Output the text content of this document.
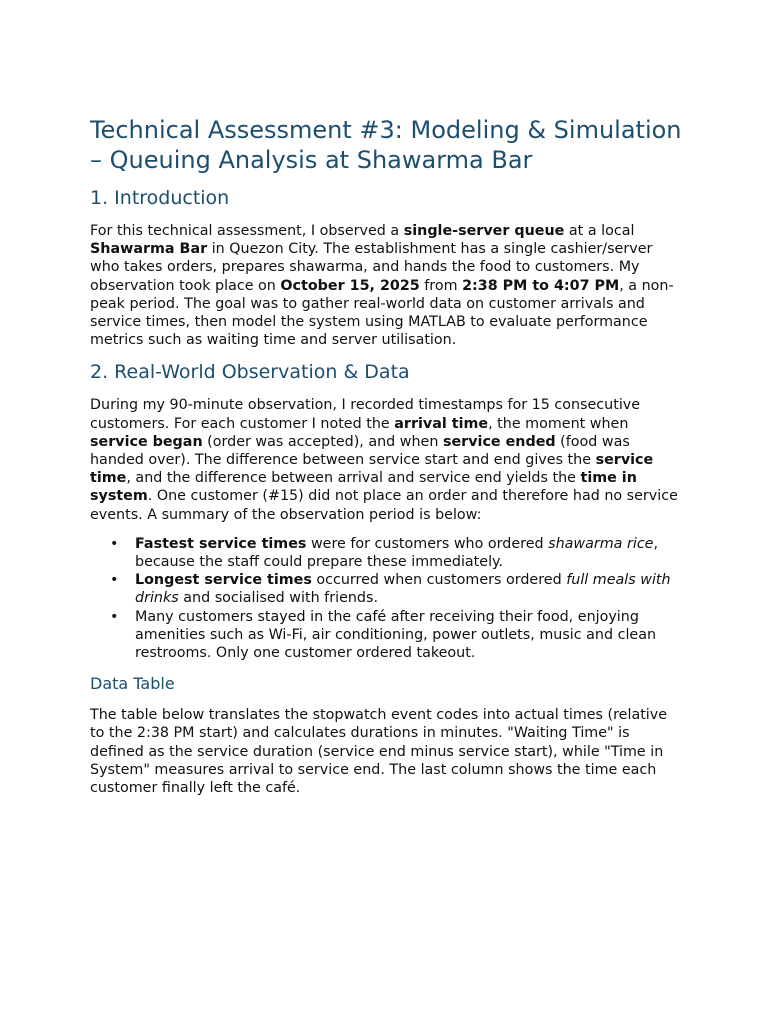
Technical Assessment #3: Modeling & Simulation – Queuing Analysis at Shawarma Bar
1. Introduction

For this technical assessment, I observed a single-server queue at a local Shawarma Bar in Quezon City. The establishment has a single cashier/server who takes orders, prepares shawarma, and hands the food to customers. My observation took place on October 15, 2025 from 2:38 PM to 4:07 PM, a non-peak period. The goal was to gather real-world data on customer arrivals and service times, then model the system using MATLAB to evaluate performance metrics such as waiting time and server utilisation.

2. Real-World Observation & Data

During my 90-minute observation, I recorded timestamps for 15 consecutive customers. For each customer I noted the arrival time, the moment when service began (order was accepted), and when service ended (food was handed over). The difference between service start and end gives the service time, and the difference between arrival and service end yields the time in system. One customer (#15) did not place an order and therefore had no service events. A summary of the observation period is below:

• Fastest service times were for customers who ordered shawarma rice, because the staff could prepare these immediately.
• Longest service times occurred when customers ordered full meals with drinks and socialised with friends.
• Many customers stayed in the café after receiving their food, enjoying amenities such as Wi-Fi, air conditioning, power outlets, music and clean restrooms. Only one customer ordered takeout.
Data Table

The table below translates the stopwatch event codes into actual times (relative to the 2:38 PM start) and calculates durations in minutes. "Waiting Time" is defined as the service duration (service end minus service start), while "Time in System" measures arrival to service end. The last column shows the time each customer finally left the café.
